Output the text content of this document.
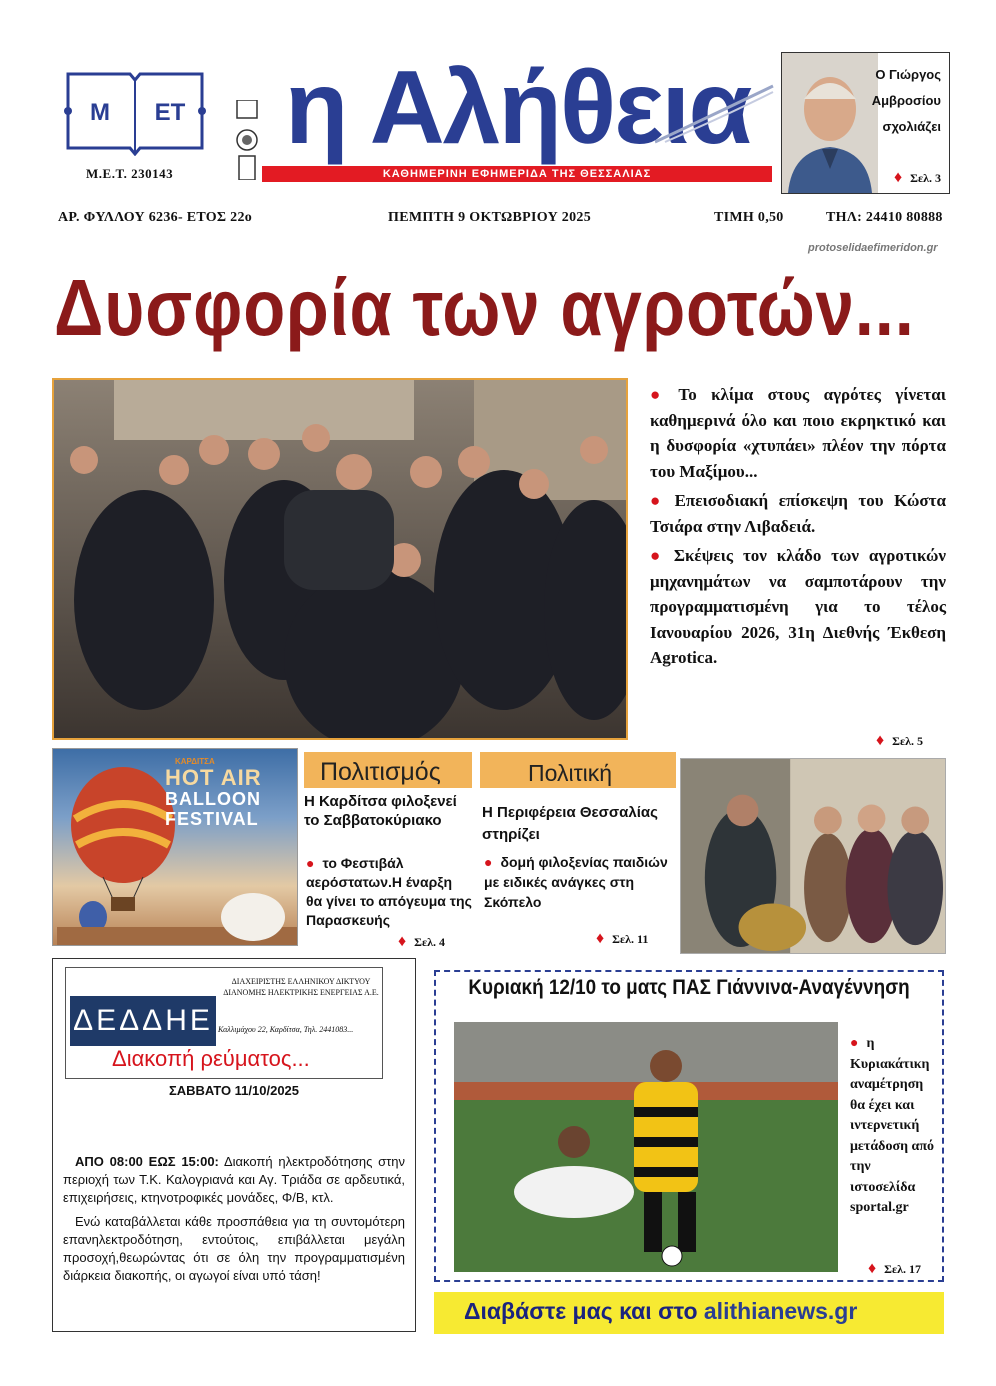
Μ ΕΤ
Μ.Ε.Τ. 230143
η Αλήθεια
ΚΑΘΗΜΕΡΙΝΗ ΕΦΗΜΕΡΙΔΑ ΤΗΣ ΘΕΣΣΑΛΙΑΣ
Ο Γιώργος
Αμβροσίου
σχολιάζει
♦ Σελ. 3
ΑΡ. ΦΥΛΛΟΥ 6236- ΕΤΟΣ 22ο	ΠΕΜΠΤΗ 9 ΟΚΤΩΒΡΙΟΥ 2025	ΤΙΜΗ 0,50	ΤΗΛ: 24410 80888
protoselidaefimeridon.gr
Δυσφορία των αγροτών...

● Το κλίμα στους αγρότες γίνεται καθημερινά όλο και ποιο εκρηκτικό και η δυσφορία «χτυπάει» πλέον την πόρτα του Μαξίμου...

● Επεισοδιακή επίσκεψη του Κώστα Τσιάρα στην Λιβαδειά.

● Σκέψεις τον κλάδο των αγροτικών μηχανημάτων να σαμποτάρουν την προγραμματισμένη για το τέλος Ιανουαρίου 2026, 31η Διεθνής Έκθεση Agrotica.

♦ Σελ. 5
ΚΑΡΔΙΤΣΑ
HOT AIR
BALLOON
FESTIVAL
Πολιτισμός
Η Καρδίτσα φιλοξενεί το Σαββατοκύριακο
● το Φεστιβάλ αερόστατων.Η έναρξη θα γίνει το απόγευμα της Παρασκευής
♦ Σελ. 4
Πολιτική
Η Περιφέρεια Θεσσαλίας στηρίζει
● δομή φιλοξενίας παιδιών με ειδικές ανάγκες στη Σκόπελο
♦ Σελ. 11
ΔΕΔΔΗΕ
ΔΙΑΧΕΙΡΙΣΤΗΣ ΕΛΛΗΝΙΚΟΥ ΔΙΚΤΥΟΥ ΔΙΑΝΟΜΗΣ ΗΛΕΚΤΡΙΚΗΣ ΕΝΕΡΓΕΙΑΣ Α.Ε.
Καλλιμάχου 22, Καρδίτσα, Τηλ. 2441083...
Διακοπή ρεύματος...
ΣΑΒΒΑΤΟ 11/10/2025
ΑΠΟ 08:00 ΕΩΣ 15:00: Διακοπή ηλεκτροδότησης στην περιοχή των Τ.Κ. Καλογριανά και Αγ. Τριάδα σε αρδευτικά, επιχειρήσεις, κτηνοτροφικές μονάδες, Φ/Β, κτλ.
Ενώ καταβάλλεται κάθε προσπάθεια για τη συντομότερη επανηλεκτροδότηση, εντούτοις, επιβάλλεται μεγάλη προσοχή,θεωρώντας ότι σε όλη την προγραμματισμένη διάρκεια διακοπής, οι αγωγοί είναι υπό τάση!
Κυριακή 12/10 το ματς ΠΑΣ Γιάννινα-Αναγέννηση
● η Κυριακάτικη αναμέτρηση θα έχει και ιντερνετική μετάδοση από την ιστοσελίδα sportal.gr
♦ Σελ. 17
Διαβάστε μας και στο alithianews.gr
